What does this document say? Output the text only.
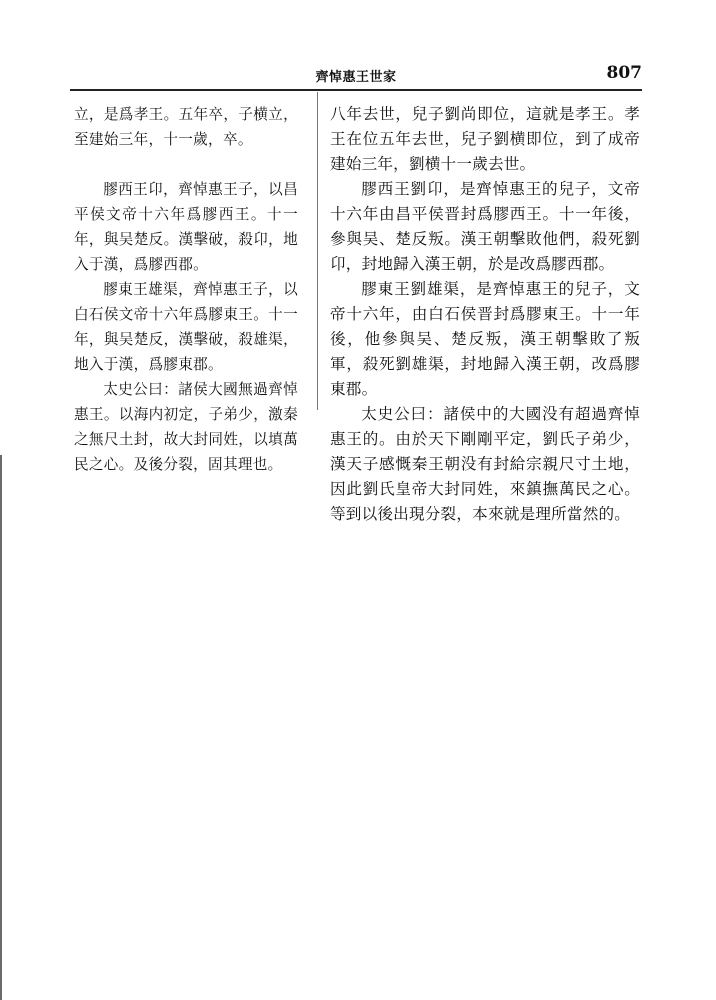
齊悼惠王世家	807

立，是爲孝王。五年卒，子横立，至建始三年，十一歲，卒。

膠西王卬，齊悼惠王子，以昌平侯文帝十六年爲膠西王。十一年，與吴楚反。漢擊破，殺卬，地入于漢，爲膠西郡。

膠東王雄渠，齊悼惠王子，以白石侯文帝十六年爲膠東王。十一年，與吴楚反，漢擊破，殺雄渠，地入于漢，爲膠東郡。

太史公曰：諸侯大國無過齊悼惠王。以海内初定，子弟少，激秦之無尺土封，故大封同姓，以填萬民之心。及後分裂，固其理也。

八年去世，兒子劉尚即位，這就是孝王。孝王在位五年去世，兒子劉横即位，到了成帝建始三年，劉横十一歲去世。

膠西王劉卬，是齊悼惠王的兒子，文帝十六年由昌平侯晋封爲膠西王。十一年後，參與吴、楚反叛。漢王朝擊敗他們，殺死劉卬，封地歸入漢王朝，於是改爲膠西郡。

膠東王劉雄渠，是齊悼惠王的兒子，文帝十六年，由白石侯晋封爲膠東王。十一年後，他參與吴、楚反叛，漢王朝擊敗了叛軍，殺死劉雄渠，封地歸入漢王朝，改爲膠東郡。

太史公曰：諸侯中的大國没有超過齊悼惠王的。由於天下剛剛平定，劉氏子弟少，漢天子感慨秦王朝没有封給宗親尺寸土地，因此劉氏皇帝大封同姓，來鎮撫萬民之心。等到以後出現分裂，本來就是理所當然的。
